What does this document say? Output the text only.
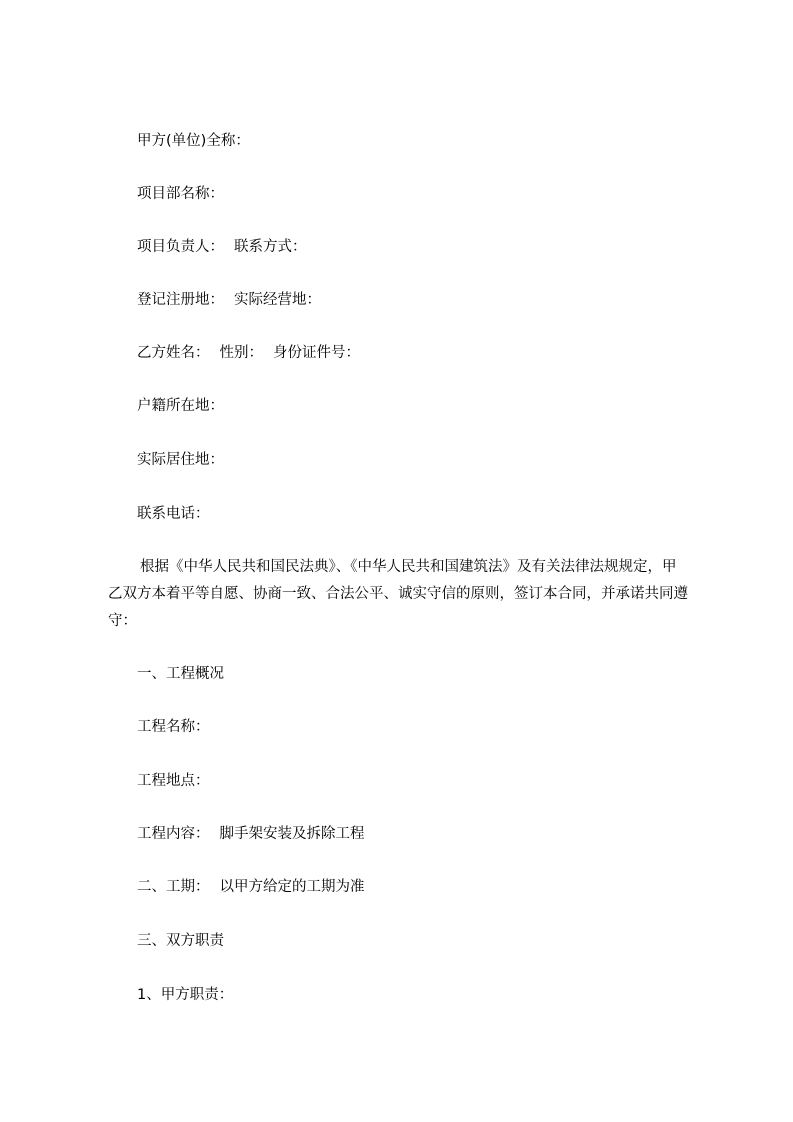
甲方(单位)全称：

项目部名称：

项目负责人： 联系方式：

登记注册地： 实际经营地：

乙方姓名： 性别： 身份证件号：

户籍所在地：

实际居住地：

联系电话：

根据《中华人民共和国民法典》、《中华人民共和国建筑法》及有关法律法规规定，甲乙双方本着平等自愿、协商一致、合法公平、诚实守信的原则，签订本合同，并承诺共同遵守：

一、工程概况

工程名称：

工程地点：

工程内容： 脚手架安装及拆除工程

二、工期： 以甲方给定的工期为准

三、双方职责

1、甲方职责：
